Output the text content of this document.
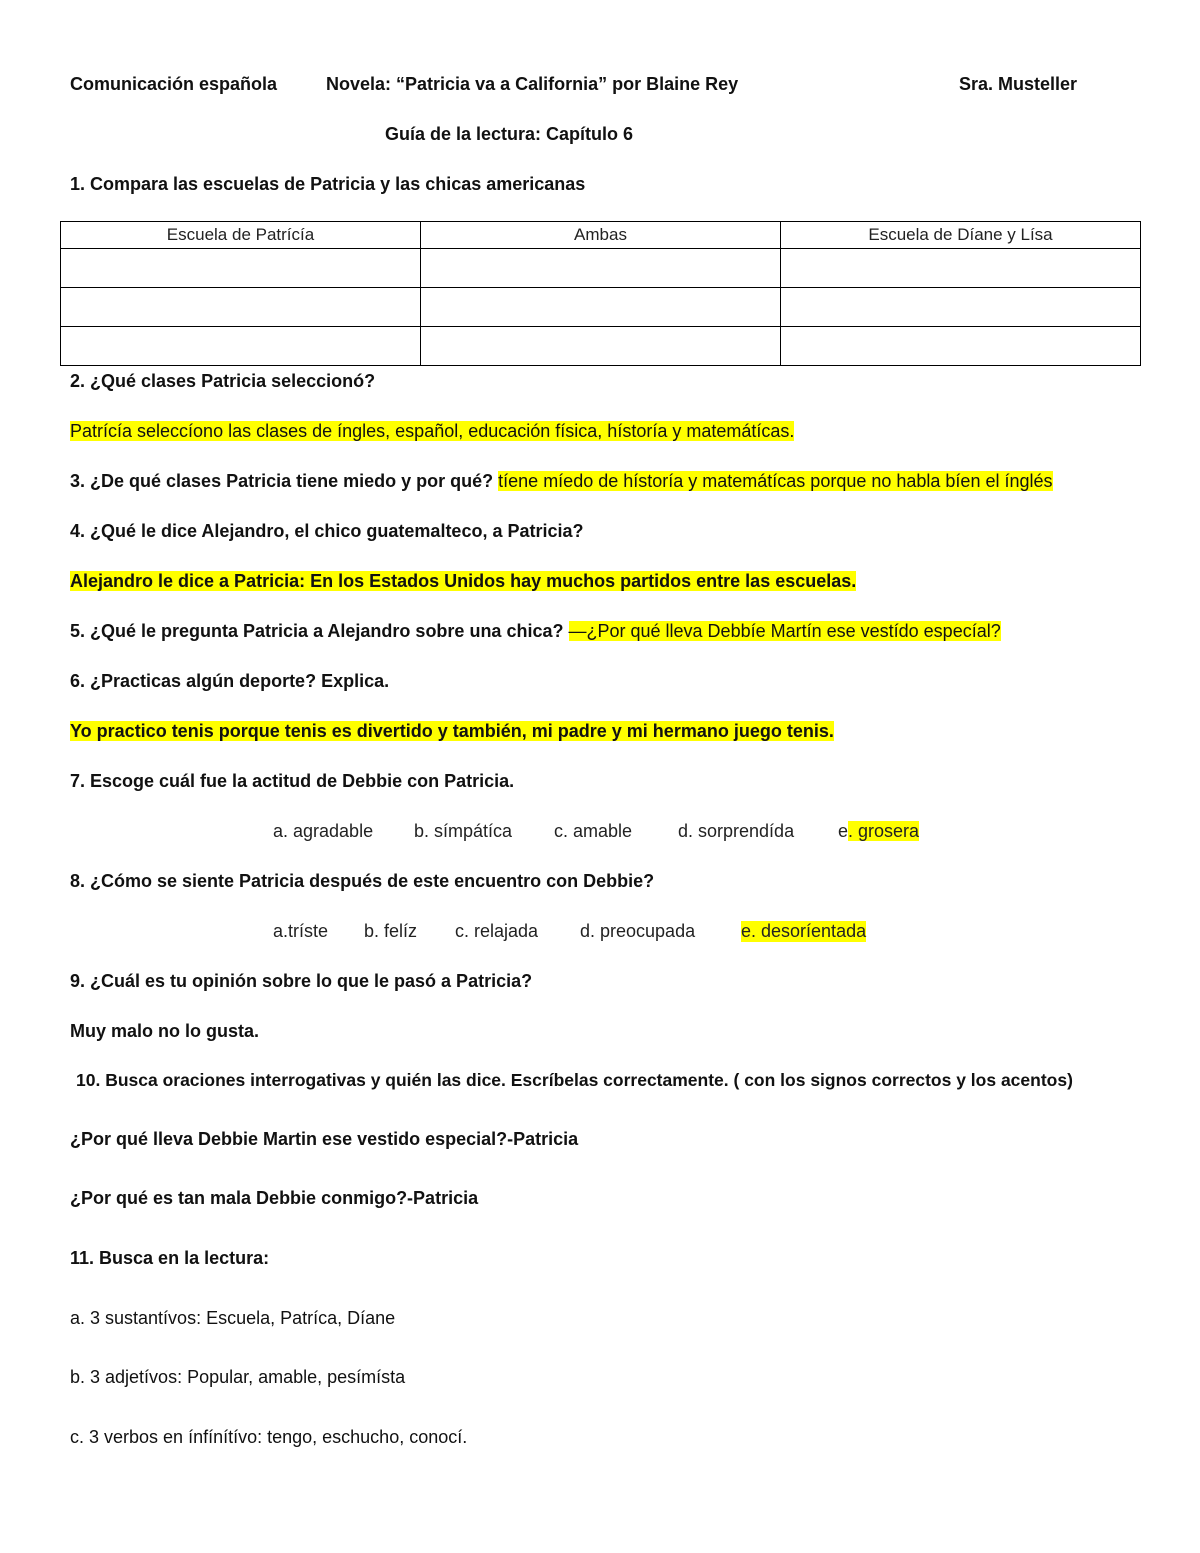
Comunicación española	Novela: “Patricia va a California” por Blaine Rey	Sra. Musteller
Guía de la lectura: Capítulo 6
1. Compara las escuelas de Patricia y las chicas americanas
Escuela de Patrícía	Ambas	Escuela de Díane y Lísa

2. ¿Qué clases Patricia seleccionó?
Patrícía seleccíono las clases de íngles, español, educación física, hístoría y matemátícas.
3. ¿De qué clases Patricia tiene miedo y por qué? tíene míedo de hístoría y matemátícas porque no habla bíen el ínglés
4. ¿Qué le dice Alejandro, el chico guatemalteco, a Patricia?
Alejandro le dice a Patricia: En los Estados Unidos hay muchos partidos entre las escuelas.
5. ¿Qué le pregunta Patricia a Alejandro sobre una chica? —¿Por qué lleva Debbíe Martín ese vestído especíal?
6. ¿Practicas algún deporte? Explica.
Yo practico tenis porque tenis es divertido y también, mi padre y mi hermano juego tenis.
7. Escoge cuál fue la actitud de Debbie con Patricia.
a. agradable b. símpátíca c. amable	d. sorprendída e. grosera
8. ¿Cómo se siente Patricia después de este encuentro con Debbie?
a.tríste b. felíz c. relajada d. preocupada	e. desoríentada
9. ¿Cuál es tu opinión sobre lo que le pasó a Patricia?
Muy malo no lo gusta.
10. Busca oraciones interrogativas y quién las dice. Escríbelas correctamente. ( con los signos correctos y los acentos)
¿Por qué lleva Debbie Martin ese vestido especial?-Patricia
¿Por qué es tan mala Debbie conmigo?-Patricia
11. Busca en la lectura:
a. 3 sustantívos: Escuela, Patríca, Díane
b. 3 adjetívos: Popular, amable, pesímísta
c. 3 verbos en ínfínítívo: tengo, eschucho, conocí.
